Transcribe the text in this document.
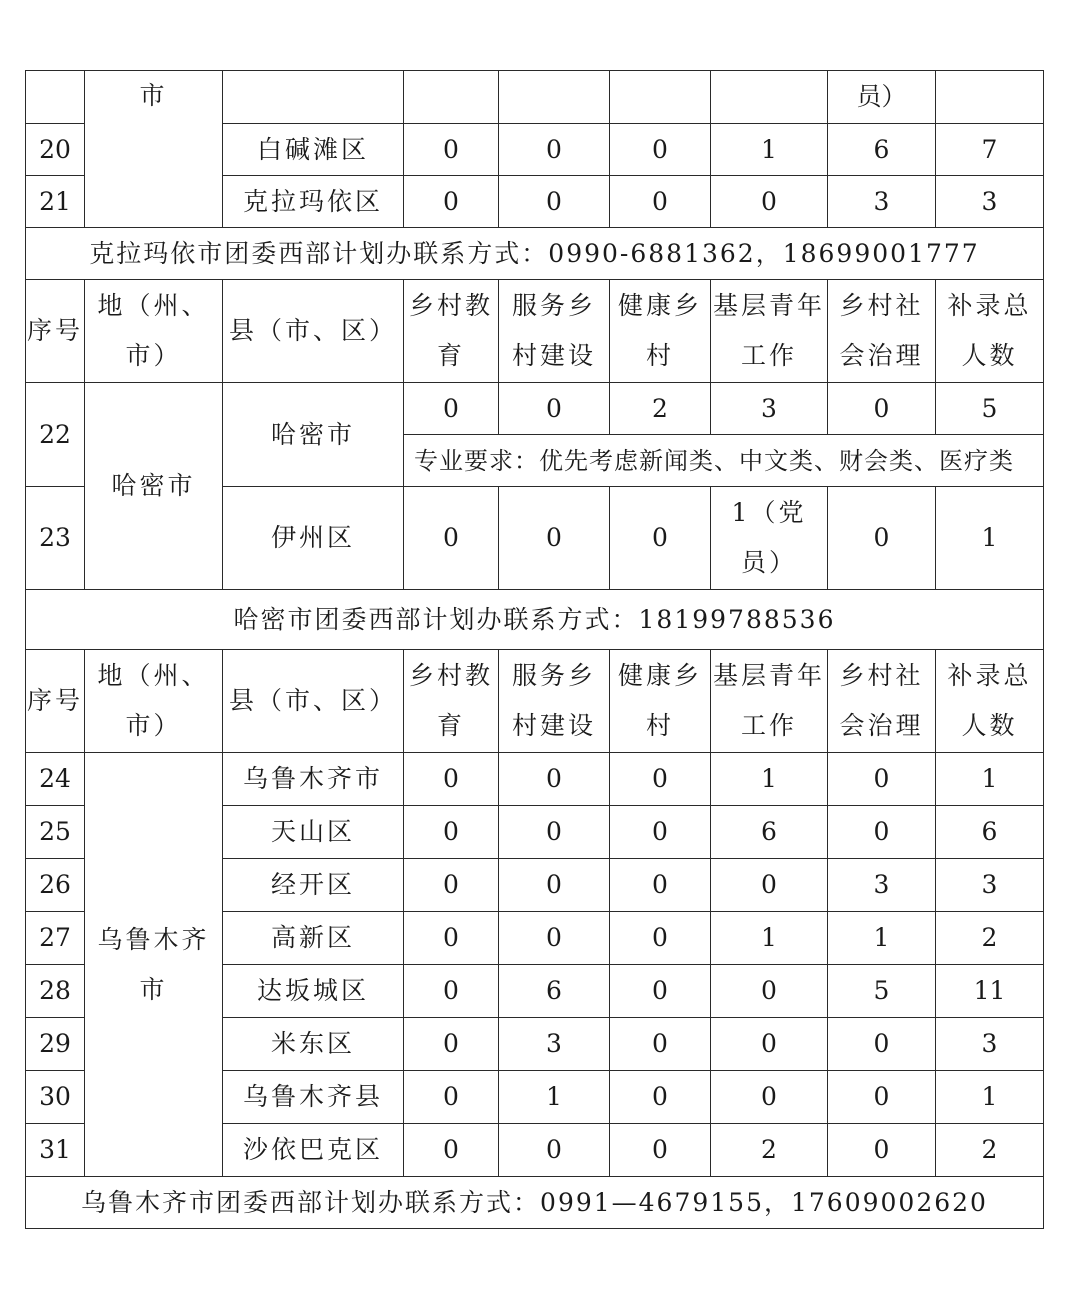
	市						员）	
20		白碱滩区	0	0	0	1	6	7
21		克拉玛依区	0	0	0	0	3	3
克拉玛依市团委西部计划办联系方式：0990-6881362，18699001777								

序号	地（州、市）	县（市、区）	乡村教育	服务乡村建设	健康乡村	基层青年工作	乡村社会治理	补录总人数

22	哈密市	哈密市	0	0	2	3	0	5
			专业要求：优先考虑新闻类、中文类、财会类、医疗类					
23		伊州区	0	0	0	1（党员）	0	1
哈密市团委西部计划办联系方式：18199788536								

序号	地（州、市）	县（市、区）	乡村教育	服务乡村建设	健康乡村	基层青年工作	乡村社会治理	补录总人数

24	乌鲁木齐市	乌鲁木齐市	0	0	0	1	0	1
25		天山区	0	0	0	6	0	6
26		经开区	0	0	0	0	3	3
27		高新区	0	0	0	1	1	2
28		达坂城区	0	6	0	0	5	11
29		米东区	0	3	0	0	0	3
30		乌鲁木齐县	0	1	0	0	0	1
31		沙依巴克区	0	0	0	2	0	2
乌鲁木齐市团委西部计划办联系方式：0991—4679155，17609002620								
